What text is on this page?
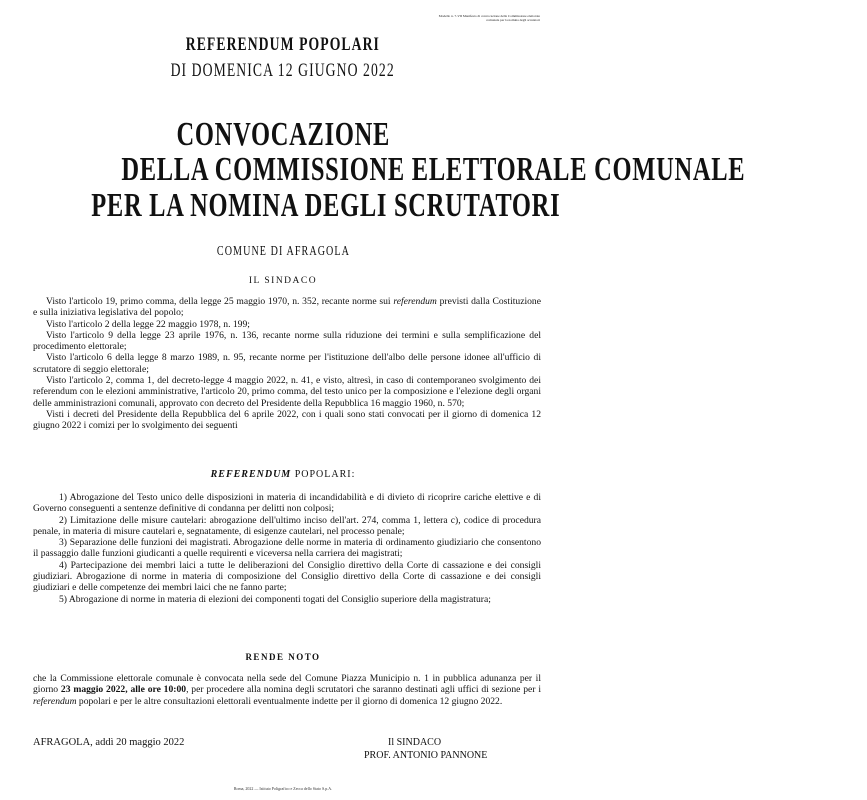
Modello n. 7-VII Manifesto di convocazione della Commissione elettorale comunale per la nomina degli scrutatori
REFERENDUM POPOLARI
DI DOMENICA 12 GIUGNO 2022
CONVOCAZIONE
DELLA COMMISSIONE ELETTORALE COMUNALE
PER LA NOMINA DEGLI SCRUTATORI
COMUNE DI AFRAGOLA
IL SINDACO

Visto l'articolo 19, primo comma, della legge 25 maggio 1970, n. 352, recante norme sui referendum previsti dalla Costituzione e sulla iniziativa legislativa del popolo;

Visto l'articolo 2 della legge 22 maggio 1978, n. 199;

Visto l'articolo 9 della legge 23 aprile 1976, n. 136, recante norme sulla riduzione dei termini e sulla semplificazione del procedimento elettorale;

Visto l'articolo 6 della legge 8 marzo 1989, n. 95, recante norme per l'istituzione dell'albo delle persone idonee all'ufficio di scrutatore di seggio elettorale;

Visto l'articolo 2, comma 1, del decreto-legge 4 maggio 2022, n. 41, e visto, altresì, in caso di contemporaneo svolgimento dei referendum con le elezioni amministrative, l'articolo 20, primo comma, del testo unico per la composizione e l'elezione degli organi delle amministrazioni comunali, approvato con decreto del Presidente della Repubblica 16 maggio 1960, n. 570;

Visti i decreti del Presidente della Repubblica del 6 aprile 2022, con i quali sono stati convocati per il giorno di domenica 12 giugno 2022 i comizi per lo svolgimento dei seguenti

REFERENDUM POPOLARI:

1) Abrogazione del Testo unico delle disposizioni in materia di incandidabilità e di divieto di ricoprire cariche elettive e di Governo conseguenti a sentenze definitive di condanna per delitti non colposi;

2) Limitazione delle misure cautelari: abrogazione dell'ultimo inciso dell'art. 274, comma 1, lettera c), codice di procedura penale, in materia di misure cautelari e, segnatamente, di esigenze cautelari, nel processo penale;

3) Separazione delle funzioni dei magistrati. Abrogazione delle norme in materia di ordinamento giudiziario che consentono il passaggio dalle funzioni giudicanti a quelle requirenti e viceversa nella carriera dei magistrati;

4) Partecipazione dei membri laici a tutte le deliberazioni del Consiglio direttivo della Corte di cassazione e dei consigli giudiziari. Abrogazione di norme in materia di composizione del Consiglio direttivo della Corte di cassazione e dei consigli giudiziari e delle competenze dei membri laici che ne fanno parte;

5) Abrogazione di norme in materia di elezioni dei componenti togati del Consiglio superiore della magistratura;

RENDE NOTO

che la Commissione elettorale comunale è convocata nella sede del Comune Piazza Municipio n. 1 in pubblica adunanza per il giorno 23 maggio 2022, alle ore 10:00, per procedere alla nomina degli scrutatori che saranno destinati agli uffici di sezione per i referendum popolari e per le altre consultazioni elettorali eventualmente indette per il giorno di domenica 12 giugno 2022.

AFRAGOLA, addì 20 maggio 2022	Il SINDACO
PROF. ANTONIO PANNONE
Roma, 2022 — Istituto Poligrafico e Zecca dello Stato S.p.A.
